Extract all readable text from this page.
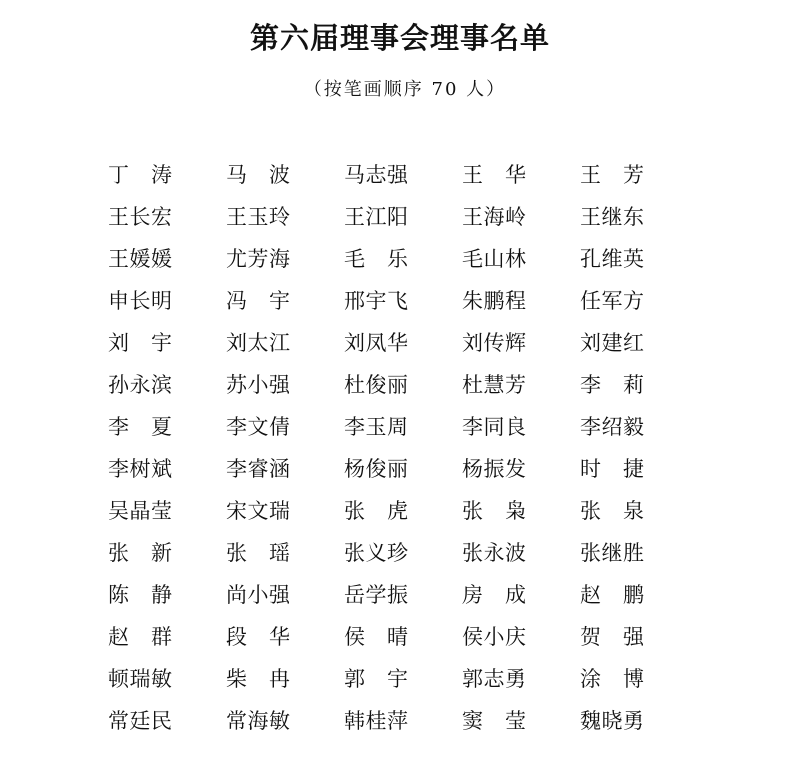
第六届理事会理事名单
（按笔画顺序 70 人）
丁 涛	马 波	马 志 强	王 华	王 芳
王 长 宏	王 玉 玲	王 江 阳	王 海 岭	王 继 东
王 媛 媛	尤 芳 海	毛 乐	毛 山 林	孔 维 英
申 长 明	冯 宇	邢 宇 飞	朱 鹏 程	任 军 方
刘 宇	刘 太 江	刘 凤 华	刘 传 辉	刘 建 红
孙 永 滨	苏 小 强	杜 俊 丽	杜 慧 芳	李 莉
李 夏	李 文 倩	李 玉 周	李 同 良	李 绍 毅
李 树 斌	李 睿 涵	杨 俊 丽	杨 振 发	时 捷
吴 晶 莹	宋 文 瑞	张 虎	张 枭	张 泉
张 新	张 瑶	张 义 珍	张 永 波	张 继 胜
陈 静	尚 小 强	岳 学 振	房 成	赵 鹏
赵 群	段 华	侯 晴	侯 小 庆	贺 强
顿 瑞 敏	柴 冉	郭 宇	郭 志 勇	涂 博
常 廷 民	常 海 敏	韩 桂 萍	窦 莹	魏 晓 勇
